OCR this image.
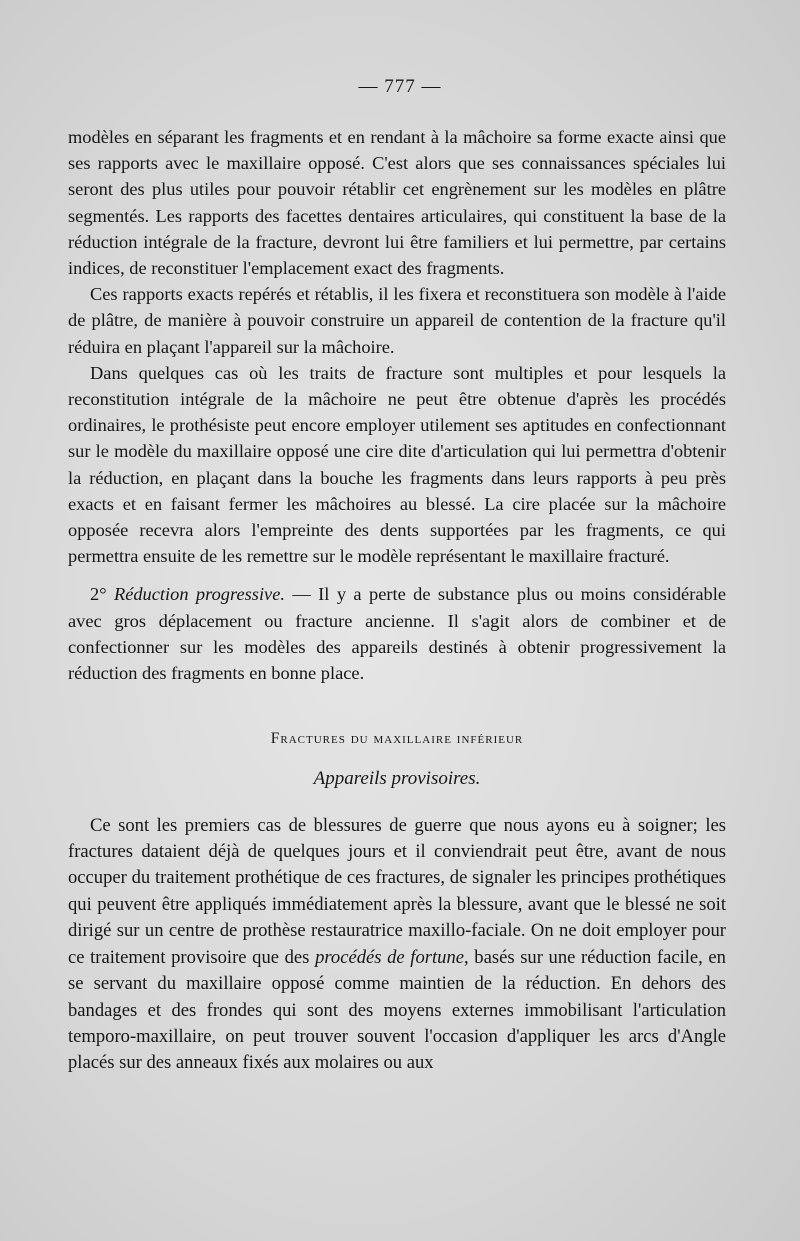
— 777 —

modèles en séparant les fragments et en rendant à la mâchoire sa forme exacte ainsi que ses rapports avec le maxillaire opposé. C'est alors que ses connaissances spéciales lui seront des plus utiles pour pouvoir rétablir cet engrènement sur les modèles en plâtre segmentés. Les rapports des facettes dentaires articulaires, qui constituent la base de la réduction intégrale de la fracture, devront lui être familiers et lui permettre, par certains indices, de reconstituer l'emplacement exact des fragments.

Ces rapports exacts repérés et rétablis, il les fixera et reconstituera son modèle à l'aide de plâtre, de manière à pouvoir construire un appareil de contention de la fracture qu'il réduira en plaçant l'appareil sur la mâchoire.

Dans quelques cas où les traits de fracture sont multiples et pour lesquels la reconstitution intégrale de la mâchoire ne peut être obtenue d'après les procédés ordinaires, le prothésiste peut encore employer utilement ses aptitudes en confectionnant sur le modèle du maxillaire opposé une cire dite d'articulation qui lui permettra d'obtenir la réduction, en plaçant dans la bouche les fragments dans leurs rapports à peu près exacts et en faisant fermer les mâchoires au blessé. La cire placée sur la mâchoire opposée recevra alors l'empreinte des dents supportées par les fragments, ce qui permettra ensuite de les remettre sur le modèle représentant le maxillaire fracturé.

2° Réduction progressive. — Il y a perte de substance plus ou moins considérable avec gros déplacement ou fracture ancienne. Il s'agit alors de combiner et de confectionner sur les modèles des appareils destinés à obtenir progressivement la réduction des fragments en bonne place.

Fractures du maxillaire inférieur
Appareils provisoires.

Ce sont les premiers cas de blessures de guerre que nous ayons eu à soigner; les fractures dataient déjà de quelques jours et il conviendrait peut être, avant de nous occuper du traitement prothétique de ces fractures, de signaler les principes prothétiques qui peuvent être appliqués immédiatement après la blessure, avant que le blessé ne soit dirigé sur un centre de prothèse restauratrice maxillo-faciale. On ne doit employer pour ce traitement provisoire que des procédés de fortune, basés sur une réduction facile, en se servant du maxillaire opposé comme maintien de la réduction. En dehors des bandages et des frondes qui sont des moyens externes immobilisant l'articulation temporo-maxillaire, on peut trouver souvent l'occasion d'appliquer les arcs d'Angle placés sur des anneaux fixés aux molaires ou aux
